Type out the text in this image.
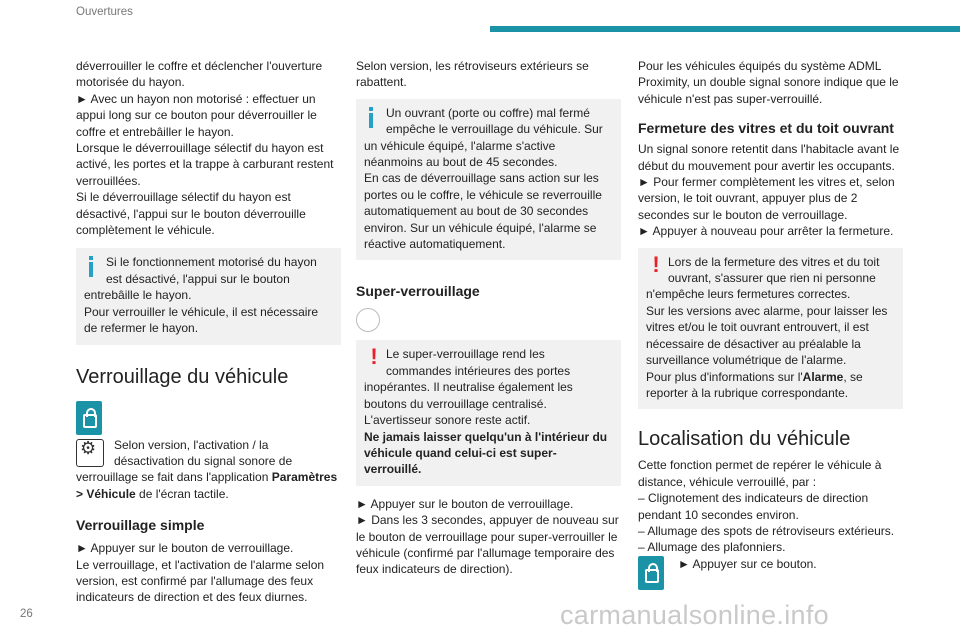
Ouvertures

déverrouiller le coffre et déclencher l'ouverture motorisée du hayon.

► Avec un hayon non motorisé : effectuer un appui long sur ce bouton pour déverrouiller le coffre et entrebâiller le hayon.

Lorsque le déverrouillage sélectif du hayon est activé, les portes et la trappe à carburant restent verrouillées.

Si le déverrouillage sélectif du hayon est désactivé, l'appui sur le bouton déverrouille complètement le véhicule.

Si le fonctionnement motorisé du hayon est désactivé, l'appui sur le bouton entrebâille le hayon.

Pour verrouiller le véhicule, il est nécessaire de refermer le hayon.

Verrouillage du véhicule
⚙
Selon version, l'activation / la désactivation du signal sonore de verrouillage se fait dans l'application Paramètres > Véhicule de l'écran tactile.
Verrouillage simple

► Appuyer sur le bouton de verrouillage.

Le verrouillage, et l'activation de l'alarme selon version, est confirmé par l'allumage des feux indicateurs de direction et des feux diurnes.

Selon version, les rétroviseurs extérieurs se rabattent.

Un ouvrant (porte ou coffre) mal fermé empêche le verrouillage du véhicule. Sur un véhicule équipé, l'alarme s'active néanmoins au bout de 45 secondes.

En cas de déverrouillage sans action sur les portes ou le coffre, le véhicule se reverrouille automatiquement au bout de 30 secondes environ. Sur un véhicule équipé, l'alarme se réactive automatiquement.

Super-verrouillage
! Le super-verrouillage rend les commandes intérieures des portes inopérantes. Il neutralise également les boutons du verrouillage centralisé.

L'avertisseur sonore reste actif.

Ne jamais laisser quelqu'un à l'intérieur du véhicule quand celui-ci est super-verrouillé.

► Appuyer sur le bouton de verrouillage.

► Dans les 3 secondes, appuyer de nouveau sur le bouton de verrouillage pour super-verrouiller le véhicule (confirmé par l'allumage temporaire des feux indicateurs de direction).

Pour les véhicules équipés du système ADML Proximity, un double signal sonore indique que le véhicule n'est pas super-verrouillé.

Fermeture des vitres et du toit ouvrant

Un signal sonore retentit dans l'habitacle avant le début du mouvement pour avertir les occupants.

► Pour fermer complètement les vitres et, selon version, le toit ouvrant, appuyer plus de 2 secondes sur le bouton de verrouillage.

► Appuyer à nouveau pour arrêter la fermeture.

! Lors de la fermeture des vitres et du toit ouvrant, s'assurer que rien ni personne n'empêche leurs fermetures correctes.

Sur les versions avec alarme, pour laisser les vitres et/ou le toit ouvrant entrouvert, il est nécessaire de désactiver au préalable la surveillance volumétrique de l'alarme.

Pour plus d'informations sur l'Alarme, se reporter à la rubrique correspondante.

Localisation du véhicule

Cette fonction permet de repérer le véhicule à distance, véhicule verrouillé, par :

– Clignotement des indicateurs de direction pendant 10 secondes environ.

– Allumage des spots de rétroviseurs extérieurs.

– Allumage des plafonniers.

► Appuyer sur ce bouton.
26	carmanualsonline.info
